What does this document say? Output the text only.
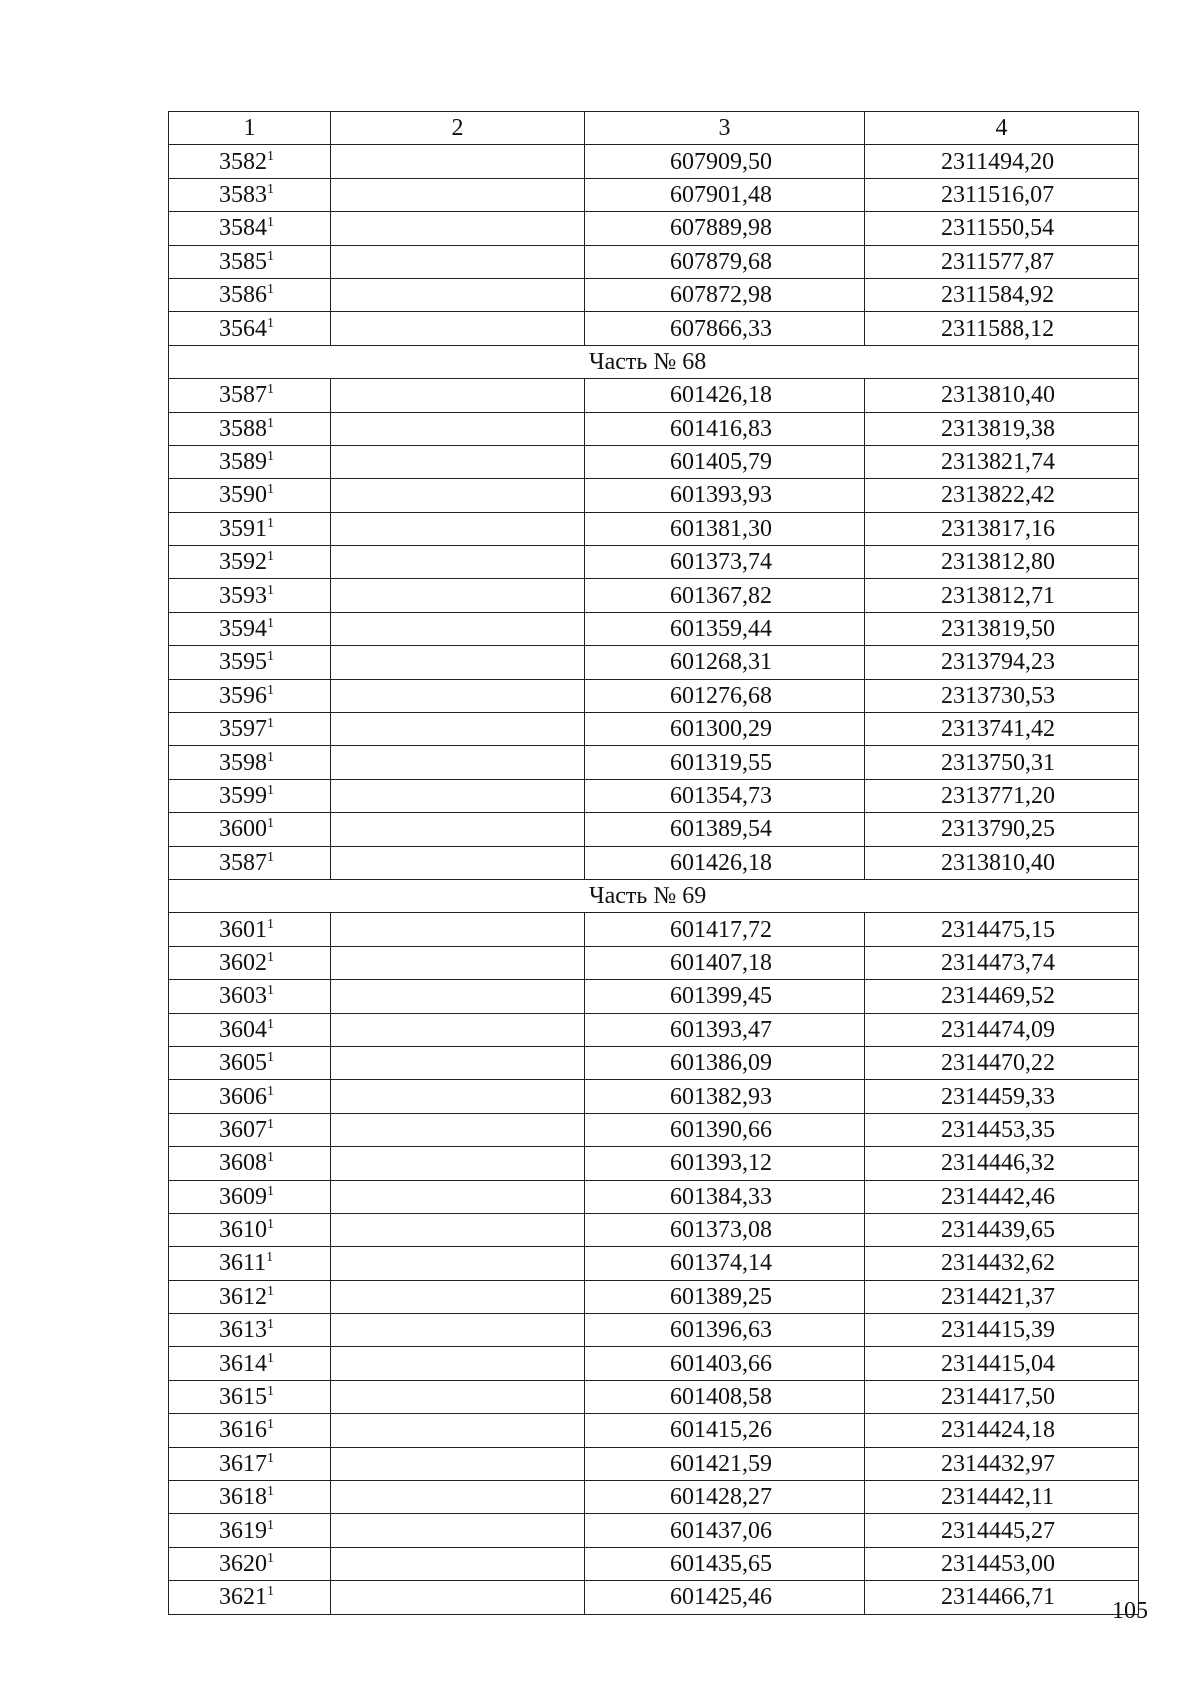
1	2	3	4
3582$^1$		607909,50	2311494,20
3583$^1$		607901,48	2311516,07
3584$^1$		607889,98	2311550,54
3585$^1$		607879,68	2311577,87
3586$^1$		607872,98	2311584,92
3564$^1$		607866,33	2311588,12
Часть № 68			
3587$^1$		601426,18	2313810,40
3588$^1$		601416,83	2313819,38
3589$^1$		601405,79	2313821,74
3590$^1$		601393,93	2313822,42
3591$^1$		601381,30	2313817,16
3592$^1$		601373,74	2313812,80
3593$^1$		601367,82	2313812,71
3594$^1$		601359,44	2313819,50
3595$^1$		601268,31	2313794,23
3596$^1$		601276,68	2313730,53
3597$^1$		601300,29	2313741,42
3598$^1$		601319,55	2313750,31
3599$^1$		601354,73	2313771,20
3600$^1$		601389,54	2313790,25
3587$^1$		601426,18	2313810,40
Часть № 69			
3601$^1$		601417,72	2314475,15
3602$^1$		601407,18	2314473,74
3603$^1$		601399,45	2314469,52
3604$^1$		601393,47	2314474,09
3605$^1$		601386,09	2314470,22
3606$^1$		601382,93	2314459,33
3607$^1$		601390,66	2314453,35
3608$^1$		601393,12	2314446,32
3609$^1$		601384,33	2314442,46
3610$^1$		601373,08	2314439,65
3611$^1$		601374,14	2314432,62
3612$^1$		601389,25	2314421,37
3613$^1$		601396,63	2314415,39
3614$^1$		601403,66	2314415,04
3615$^1$		601408,58	2314417,50
3616$^1$		601415,26	2314424,18
3617$^1$		601421,59	2314432,97
3618$^1$		601428,27	2314442,11
3619$^1$		601437,06	2314445,27
3620$^1$		601435,65	2314453,00
3621$^1$		601425,46	2314466,71
105
